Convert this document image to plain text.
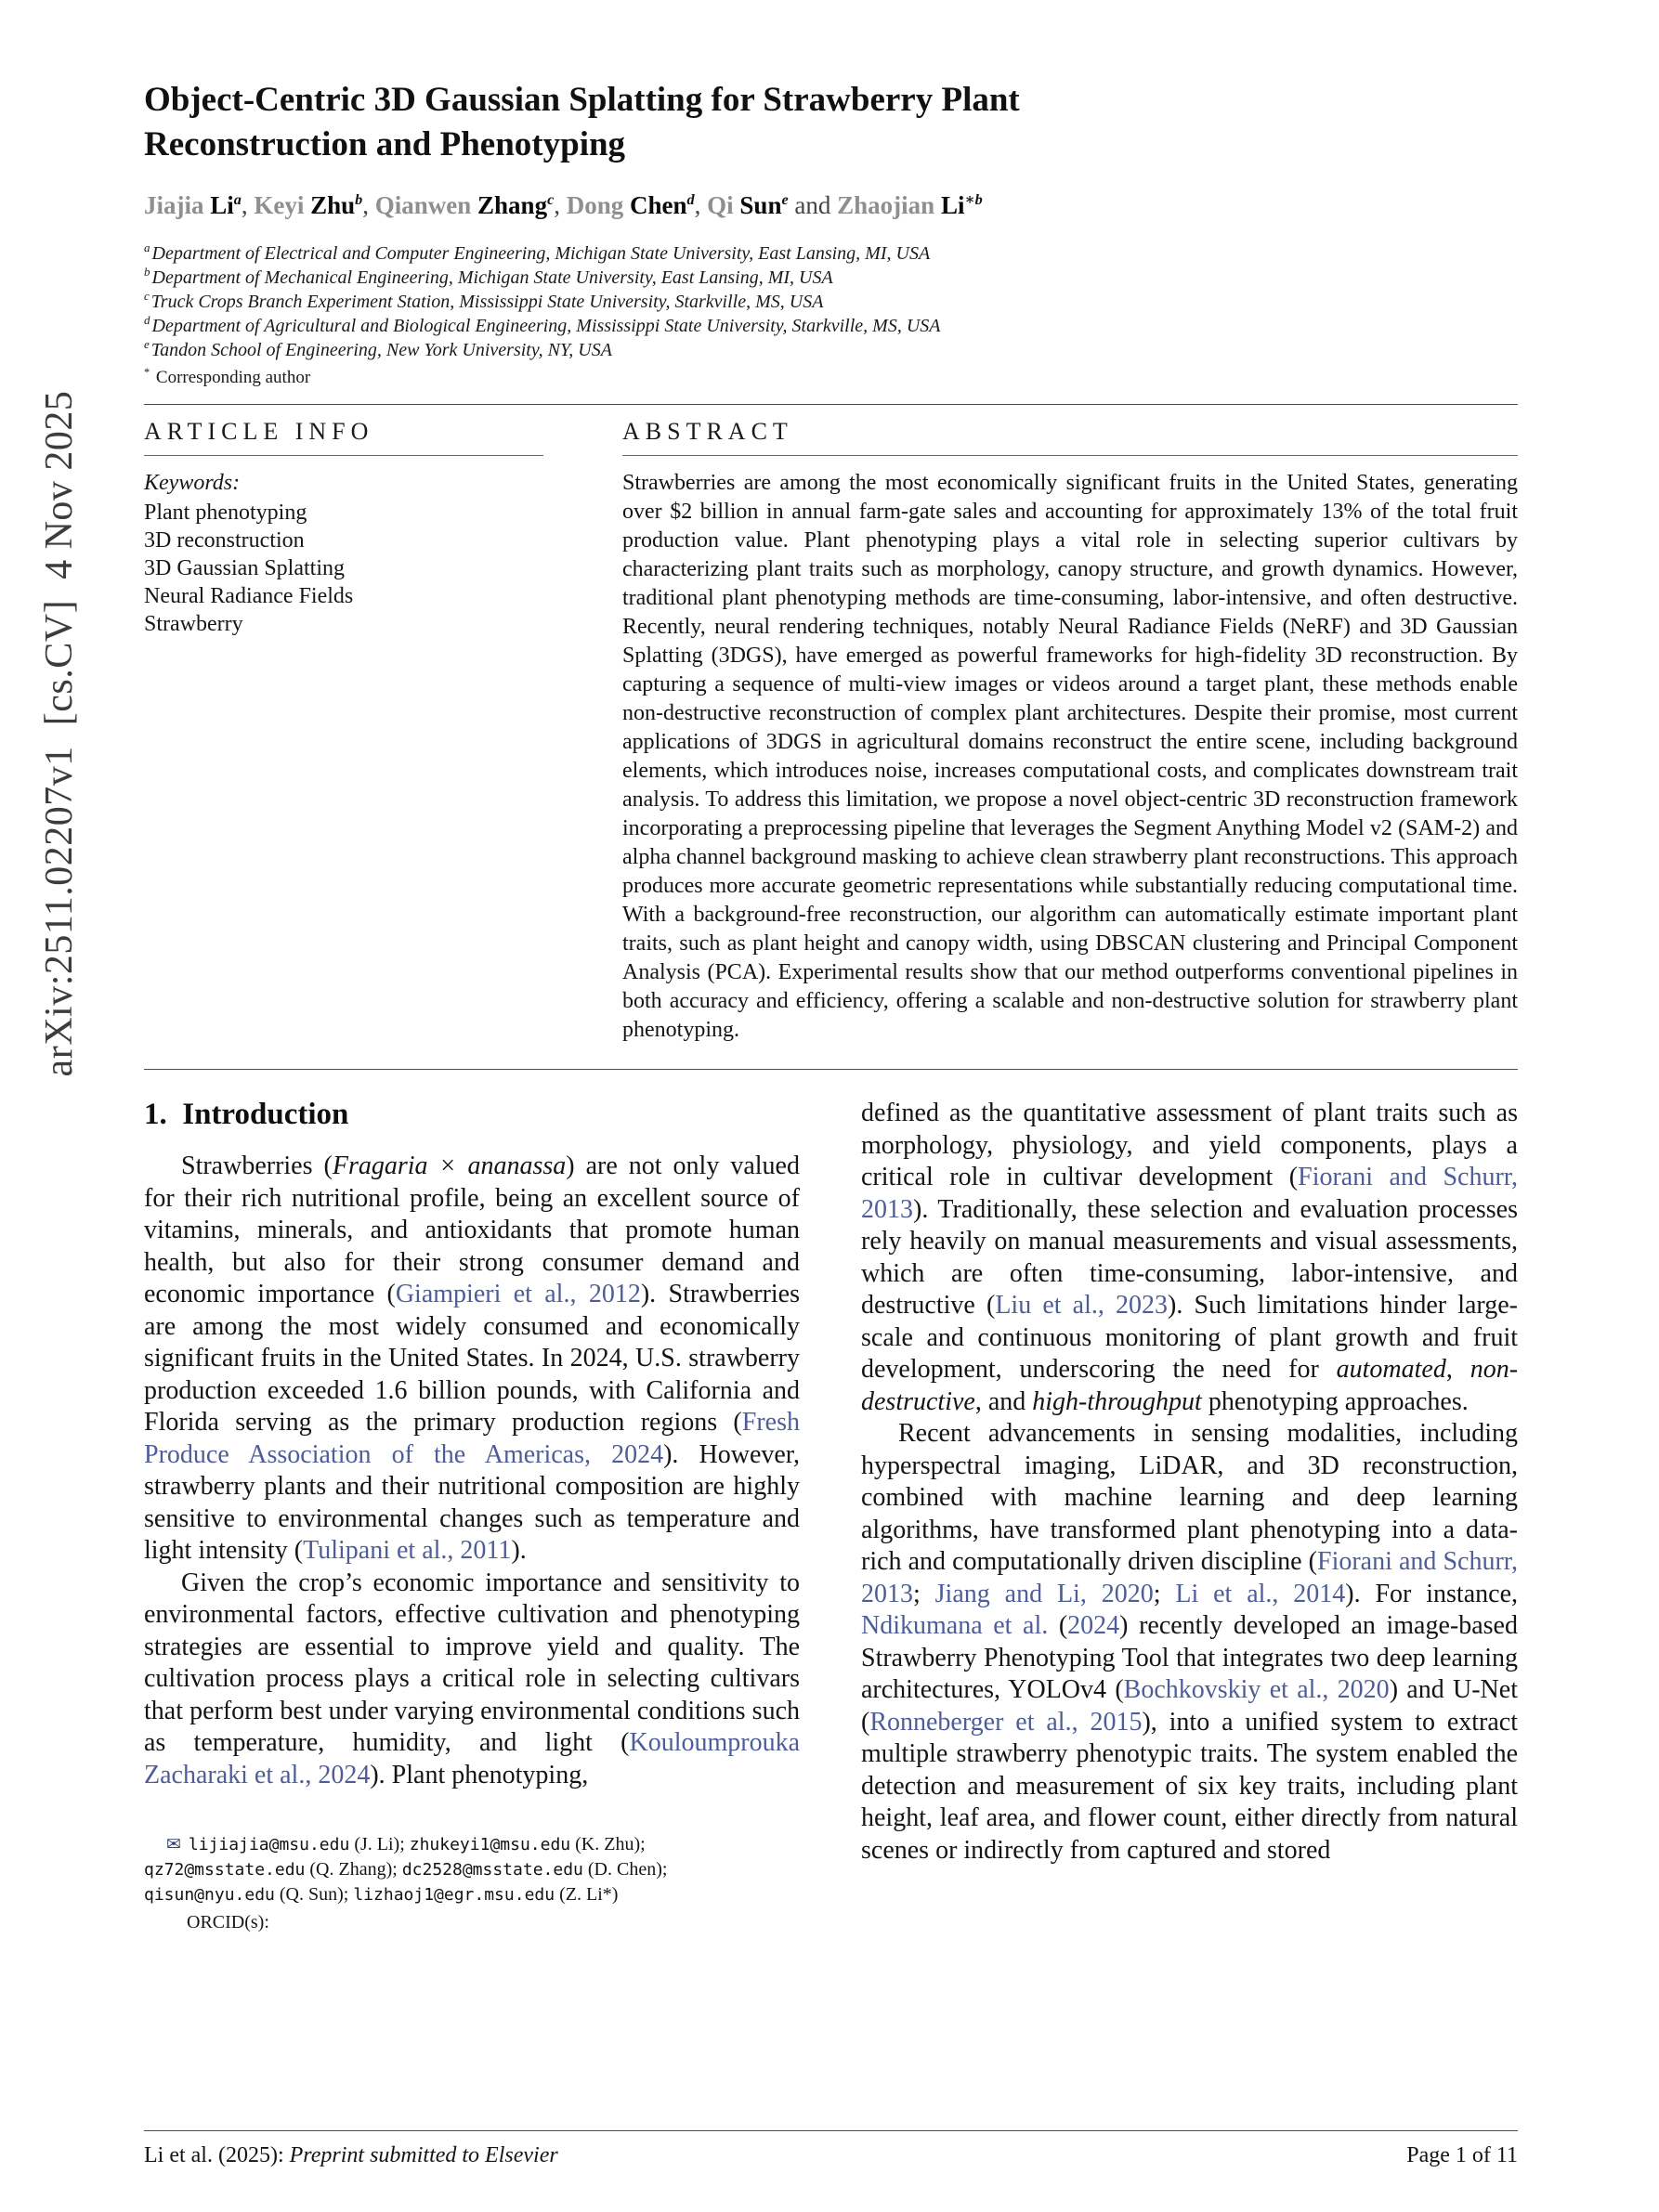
arXiv:2511.02207v1  [cs.CV]  4 Nov 2025
Object-Centric 3D Gaussian Splatting for Strawberry Plant
Reconstruction and Phenotyping
Jiajia Li$^a$, Keyi Zhu$^b$, Qianwen Zhang$^c$, Dong Chen$^d$, Qi Sun$^e$ and Zhaojian $Li^{∗b}$
$^a$ Department of Electrical and Computer Engineering, Michigan State University, East Lansing, MI, USA
$^b$ Department of Mechanical Engineering, Michigan State University, East Lansing, MI, USA
$^c$ Truck Crops Branch Experiment Station, Mississippi State University, Starkville, MS, USA
$^d$ Department of Agricultural and Biological Engineering, Mississippi State University, Starkville, MS, USA
$^e$ Tandon School of Engineering, New York University, NY, USA
* Corresponding author
ARTICLE INFO
Keywords:
Plant phenotyping
3D reconstruction
3D Gaussian Splatting
Neural Radiance Fields
Strawberry
ABSTRACT

Strawberries are among the most economically significant fruits in the United States, generating over $2 billion in annual farm-gate sales and accounting for approximately 13% of the total fruit production value. Plant phenotyping plays a vital role in selecting superior cultivars by characterizing plant traits such as morphology, canopy structure, and growth dynamics. However, traditional plant phenotyping methods are time-consuming, labor-intensive, and often destructive. Recently, neural rendering techniques, notably Neural Radiance Fields (NeRF) and 3D Gaussian Splatting (3DGS), have emerged as powerful frameworks for high-fidelity 3D reconstruction. By capturing a sequence of multi-view images or videos around a target plant, these methods enable non-destructive reconstruction of complex plant architectures. Despite their promise, most current applications of 3DGS in agricultural domains reconstruct the entire scene, including background elements, which introduces noise, increases computational costs, and complicates downstream trait analysis. To address this limitation, we propose a novel object-centric 3D reconstruction framework incorporating a preprocessing pipeline that leverages the Segment Anything Model v2 (SAM-2) and alpha channel background masking to achieve clean strawberry plant reconstructions. This approach produces more accurate geometric representations while substantially reducing computational time. With a background-free reconstruction, our algorithm can automatically estimate important plant traits, such as plant height and canopy width, using DBSCAN clustering and Principal Component Analysis (PCA). Experimental results show that our method outperforms conventional pipelines in both accuracy and efficiency, offering a scalable and non-destructive solution for strawberry plant phenotyping.

1.  Introduction

Strawberries (Fragaria × ananassa) are not only valued for their rich nutritional profile, being an excellent source of vitamins, minerals, and antioxidants that promote human health, but also for their strong consumer demand and economic importance (Giampieri et al., 2012). Strawberries are among the most widely consumed and economically significant fruits in the United States. In 2024, U.S. strawberry production exceeded 1.6 billion pounds, with California and Florida serving as the primary production regions (Fresh Produce Association of the Americas, 2024). However, strawberry plants and their nutritional composition are highly sensitive to environmental changes such as temperature and light intensity (Tulipani et al., 2011).

Given the crop’s economic importance and sensitivity to environmental factors, effective cultivation and phenotyping strategies are essential to improve yield and quality. The cultivation process plays a critical role in selecting cultivars that perform best under varying environmental conditions such as temperature, humidity, and light (Kouloumprouka Zacharaki et al., 2024). Plant phenotyping,

✉ lijiajia@msu.edu (J. Li); zhukeyi1@msu.edu (K. Zhu); qz72@msstate.edu (Q. Zhang); dc2528@msstate.edu (D. Chen); qisun@nyu.edu (Q. Sun); lizhaoj1@egr.msu.edu (Z. Li*)

ORCID(s):

defined as the quantitative assessment of plant traits such as morphology, physiology, and yield components, plays a critical role in cultivar development (Fiorani and Schurr, 2013). Traditionally, these selection and evaluation processes rely heavily on manual measurements and visual assessments, which are often time-consuming, labor-intensive, and destructive (Liu et al., 2023). Such limitations hinder large-scale and continuous monitoring of plant growth and fruit development, underscoring the need for automated, non-destructive, and high-throughput phenotyping approaches.

Recent advancements in sensing modalities, including hyperspectral imaging, LiDAR, and 3D reconstruction, combined with machine learning and deep learning algorithms, have transformed plant phenotyping into a data-rich and computationally driven discipline (Fiorani and Schurr, 2013; Jiang and Li, 2020; Li et al., 2014). For instance, Ndikumana et al. (2024) recently developed an image-based Strawberry Phenotyping Tool that integrates two deep learning architectures, YOLOv4 (Bochkovskiy et al., 2020) and U-Net (Ronneberger et al., 2015), into a unified system to extract multiple strawberry phenotypic traits. The system enabled the detection and measurement of six key traits, including plant height, leaf area, and flower count, either directly from natural scenes or indirectly from captured and stored

Li et al. (2025): Preprint submitted to Elsevier	Page 1 of 11
